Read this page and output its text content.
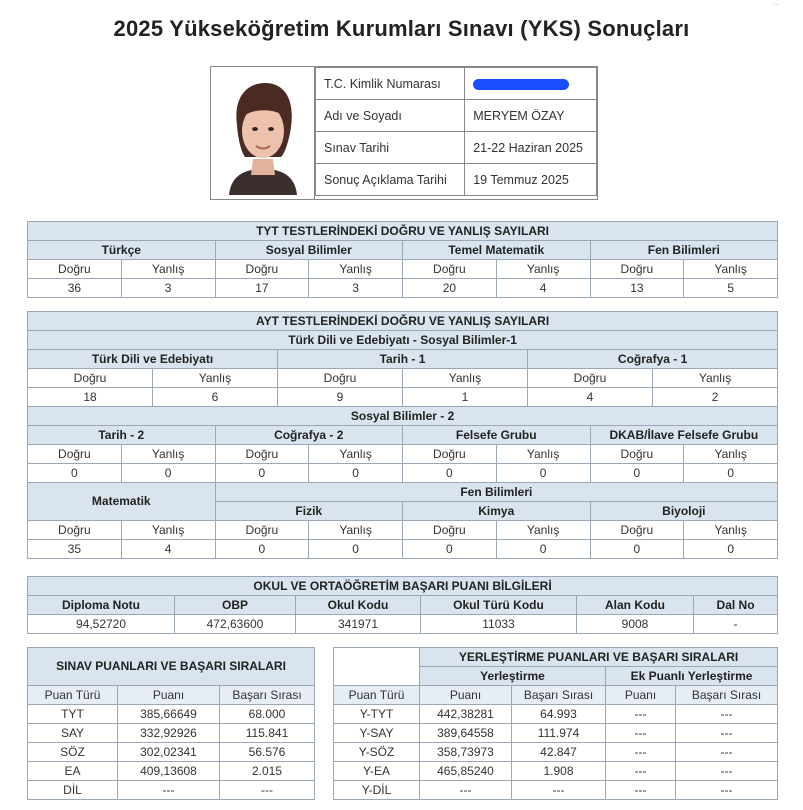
2025 Yükseköğretim Kurumları Sınavı (YKS) Sonuçları
...
T.C. Kimlik Numarası	
Adı ve Soyadı	MERYEM ÖZAY
Sınav Tarihi	21-22 Haziran 2025
Sonuç Açıklama Tarihi	19 Temmuz 2025
TYT TESTLERİNDEKİ DOĞRU VE YANLIŞ SAYILARI							
Türkçe		Sosyal Bilimler		Temel Matematik		Fen Bilimleri	
Doğru	Yanlış	Doğru	Yanlış	Doğru	Yanlış	Doğru	Yanlış
36	3	17	3	20	4	13	5
AYT TESTLERİNDEKİ DOĞRU VE YANLIŞ SAYILARI											
Türk Dili ve Edebiyatı - Sosyal Bilimler-1											
Türk Dili ve Edebiyatı				Tarih - 1				Coğrafya - 1			
Doğru		Yanlış		Doğru		Yanlış		Doğru		Yanlış	
18		6		9		1		4		2	
Sosyal Bilimler - 2											
Tarih - 2			Coğrafya - 2			Felsefe Grubu			DKAB/İlave Felsefe Grubu		
Doğru	Yanlış		Doğru		Yanlış	Doğru	Yanlış		Doğru		Yanlış
0	0		0		0	0	0		0		0
Matematik			Fen Bilimleri								
			Fizik			Kimya			Biyoloji		
Doğru	Yanlış		Doğru		Yanlış	Doğru	Yanlış		Doğru		Yanlış
35	4		0		0	0	0		0		0
OKUL VE ORTAÖĞRETİM BAŞARI PUANI BİLGİLERİ					
Diploma Notu	OBP	Okul Kodu	Okul Türü Kodu	Alan Kodu	Dal No
94,52720	472,63600	341971	11033	9008	-
SINAV PUANLARI VE BAŞARI SIRALARI		

Puan Türü	Puanı	Başarı Sırası
TYT	385,66649	68.000
SAY	332,92926	115.841
SÖZ	302,02341	56.576
EA	409,13608	2.015
DİL	---	---
	YERLEŞTİRME PUANLARI VE BAŞARI SIRALARI			
	Yerleştirme		Ek Puanlı Yerleştirme	
Puan Türü	Puanı	Başarı Sırası	Puanı	Başarı Sırası
Y-TYT	442,38281	64.993	---	---
Y-SAY	389,64558	111.974	---	---
Y-SÖZ	358,73973	42.847	---	---
Y-EA	465,85240	1.908	---	---
Y-DİL	---	---	---	---
